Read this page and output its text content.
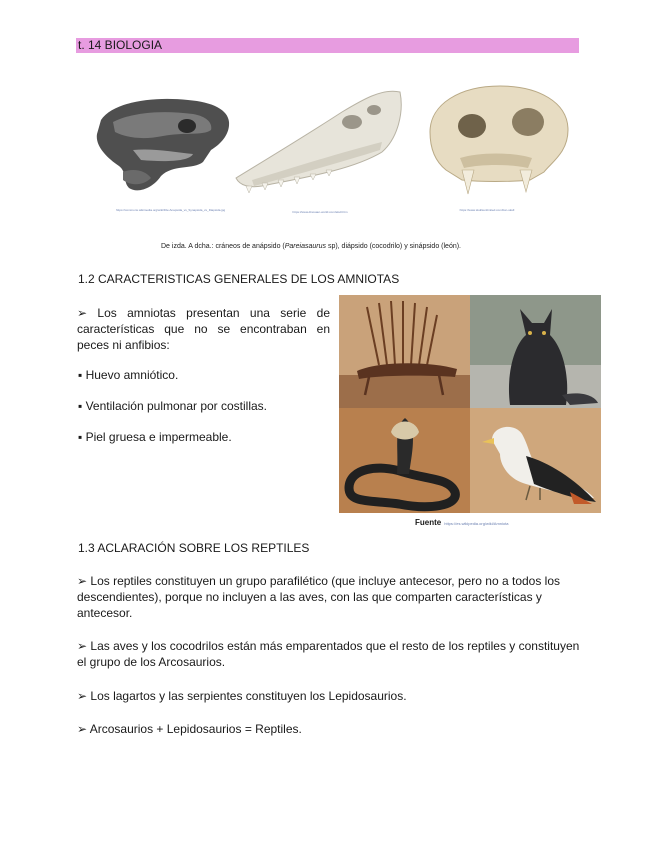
t. 14 BIOLOGIA
https://commons.wikimedia.org/wiki/File:Anapsida_vs_Synapsida_vs_Diapsida.jpg	https://www.dinosaur-world.com/skull.htm	https://www.skullsunlimited.com/lion-skull
De izda. A dcha.: cráneos de anápsido (Pareiasaurus sp), diápsido (cocodrilo) y sinápsido (león).
1.2 CARACTERISTICAS GENERALES DE LOS AMNIOTAS
➢ Los amniotas presentan una serie de características que no se encontraban en peces ni anfibios:
▪ Huevo amniótico.
▪ Ventilación pulmonar por costillas.
▪ Piel gruesa e impermeable.
Fuente https://es.wikipedia.org/wiki/Amniota
1.3 ACLARACIÓN SOBRE LOS REPTILES
➢ Los reptiles constituyen un grupo parafilético (que incluye antecesor, pero no a todos los descendientes), porque no incluyen a las aves, con las que comparten características y antecesor.
➢ Las aves y los cocodrilos están más emparentados que el resto de los reptiles y constituyen el grupo de los Arcosaurios.
➢ Los lagartos y las serpientes constituyen los Lepidosaurios.
➢ Arcosaurios + Lepidosaurios = Reptiles.
